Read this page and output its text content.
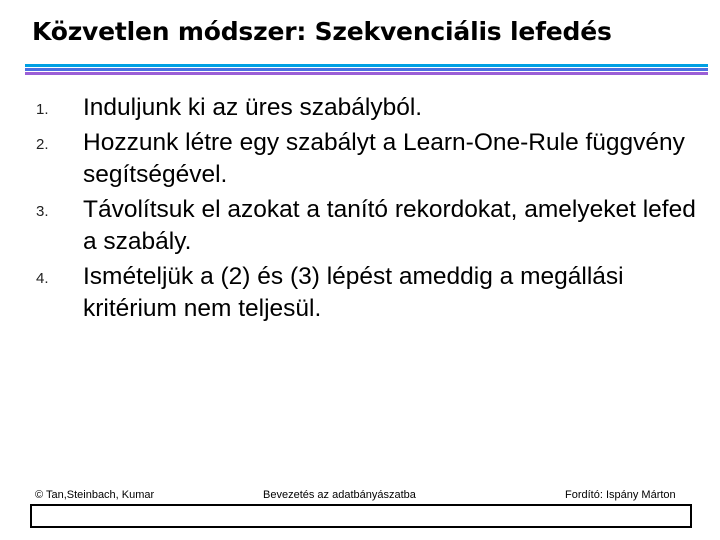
Közvetlen módszer: Szekvenciális lefedés
1. Induljunk ki az üres szabályból.
2. Hozzunk létre egy szabályt a Learn-One-Rule függvény segítségével.
3. Távolítsuk el azokat a tanító rekordokat, amelyeket lefed a szabály.
4. Ismételjük a (2) és (3) lépést ameddig a megállási kritérium nem teljesül.
© Tan,Steinbach, Kumar	Bevezetés az adatbányászatba	Fordító: Ispány Márton
